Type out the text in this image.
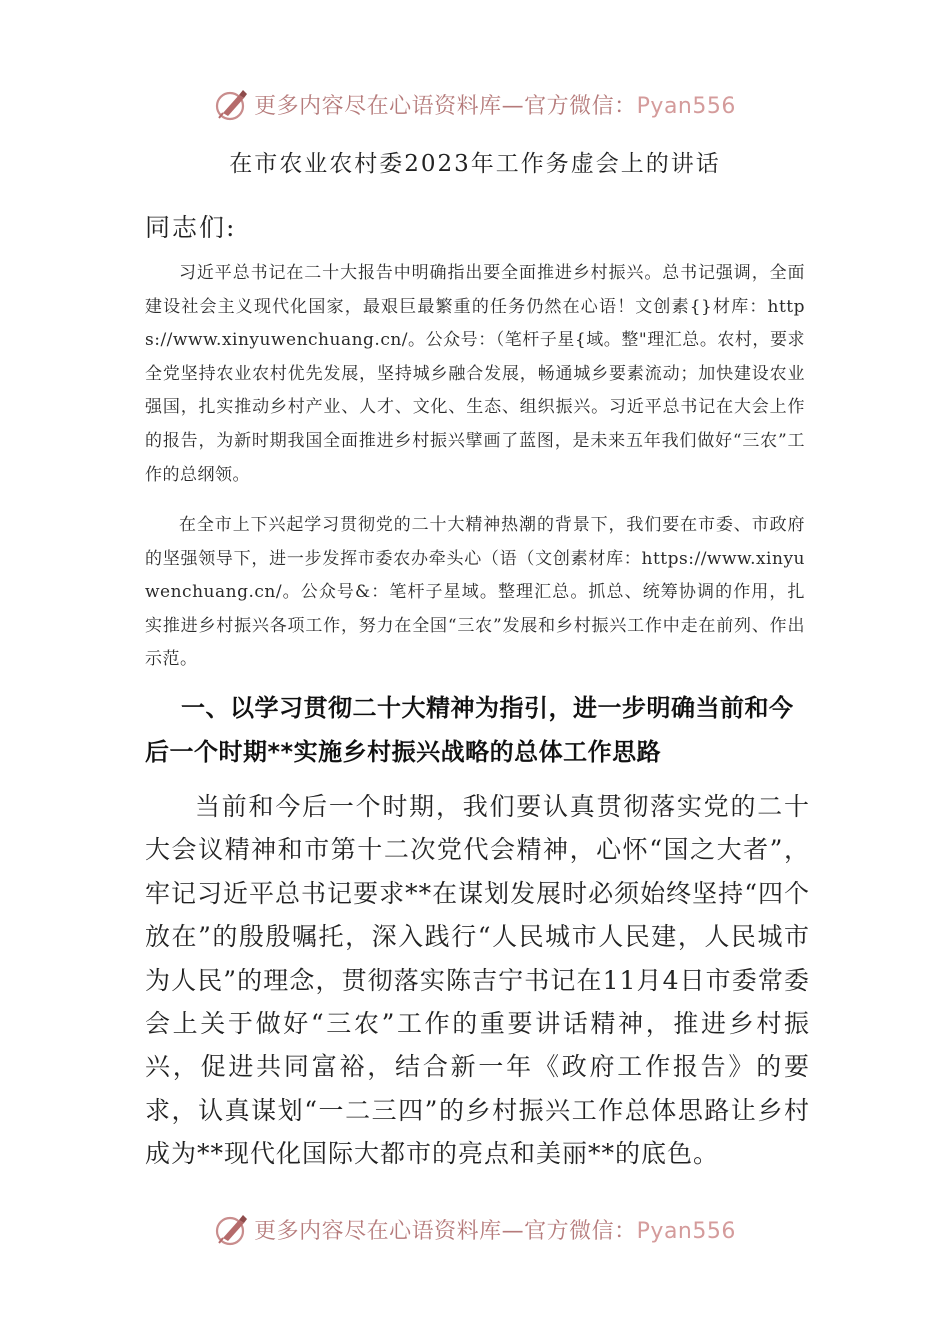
更多内容尽在心语资料库—官方微信：Pyan556
在市农业农村委2023年工作务虚会上的讲话
同志们:

习近平总书记在二十大报告中明确指出要全面推进乡村振兴。总书记强调，全面建设社会主义现代化国家，最艰巨最繁重的任务仍然在心语！文创素{}材库：https://www.xinyuwenchuang.cn/。公众号：（笔杆子星{域。整"理汇总。农村，要求全党坚持农业农村优先发展，坚持城乡融合发展，畅通城乡要素流动；加快建设农业强国，扎实推动乡村产业、人才、文化、生态、组织振兴。习近平总书记在大会上作的报告，为新时期我国全面推进乡村振兴擘画了蓝图，是未来五年我们做好“三农”工作的总纲领。

在全市上下兴起学习贯彻党的二十大精神热潮的背景下，我们要在市委、市政府的坚强领导下，进一步发挥市委农办牵头心（语（文创素材库：https://www.xinyuwenchuang.cn/。公众号&：笔杆子星域。整理汇总。抓总、统筹协调的作用，扎实推进乡村振兴各项工作，努力在全国“三农”发展和乡村振兴工作中走在前列、作出示范。

一、以学习贯彻二十大精神为指引，进一步明确当前和今后一个时期**实施乡村振兴战略的总体工作思路

当前和今后一个时期，我们要认真贯彻落实党的二十大会议精神和市第十二次党代会精神，心怀“国之大者”，牢记习近平总书记要求**在谋划发展时必须始终坚持“四个放在”的殷殷嘱托，深入践行“人民城市人民建，人民城市为人民”的理念，贯彻落实陈吉宁书记在11月4日市委常委会上关于做好“三农”工作的重要讲话精神，推进乡村振兴，促进共同富裕，结合新一年《政府工作报告》的要求，认真谋划“一二三四”的乡村振兴工作总体思路让乡村成为**现代化国际大都市的亮点和美丽**的底色。

更多内容尽在心语资料库—官方微信：Pyan556
